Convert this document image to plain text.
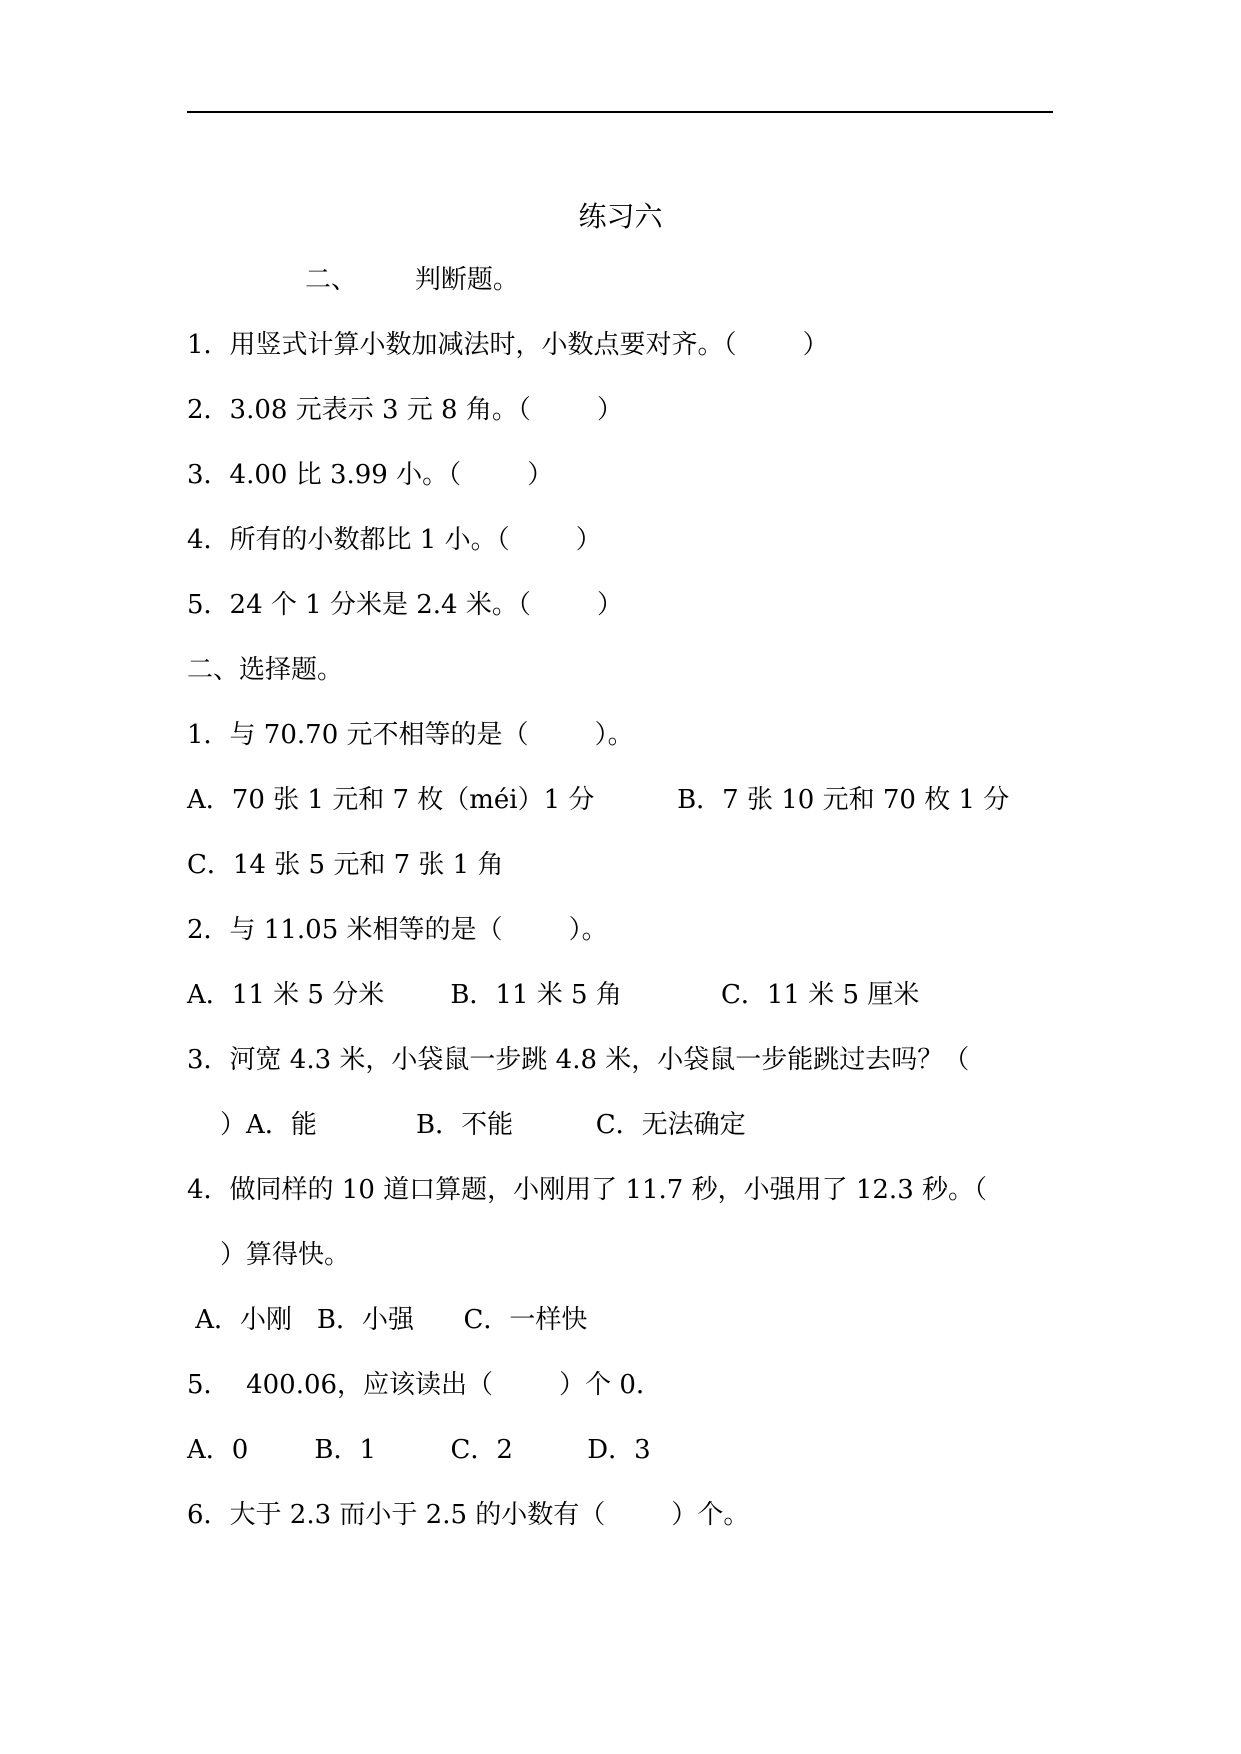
练习六
二、       判断题。
1．用竖式计算小数加减法时，小数点要对齐。（        ）
2．3.08 元表示 3 元 8 角。（        ）
3．4.00 比 3.99 小。（        ）
4．所有的小数都比 1 小。（        ）
5．24 个 1 分米是 2.4 米。（        ）
二、选择题。
1．与 70.70 元不相等的是（        ）。
A．70 张 1 元和 7 枚（méi）1 分          B．7 张 10 元和 70 枚 1 分
C．14 张 5 元和 7 张 1 角
2．与 11.05 米相等的是（        ）。
A．11 米 5 分米        B．11 米 5 角            C．11 米 5 厘米
3．河宽 4.3 米，小袋鼠一步跳 4.8 米，小袋鼠一步能跳过去吗？（
）A．能            B．不能          C．无法确定
4．做同样的 10 道口算题，小刚用了 11.7 秒，小强用了 12.3 秒。（
）算得快。
A．小刚   B．小强      C．一样快
5．  400.06，应该读出（        ）个 0．
A．0        B．1         C．2         D．3
6．大于 2.3 而小于 2.5 的小数有（        ）个。
